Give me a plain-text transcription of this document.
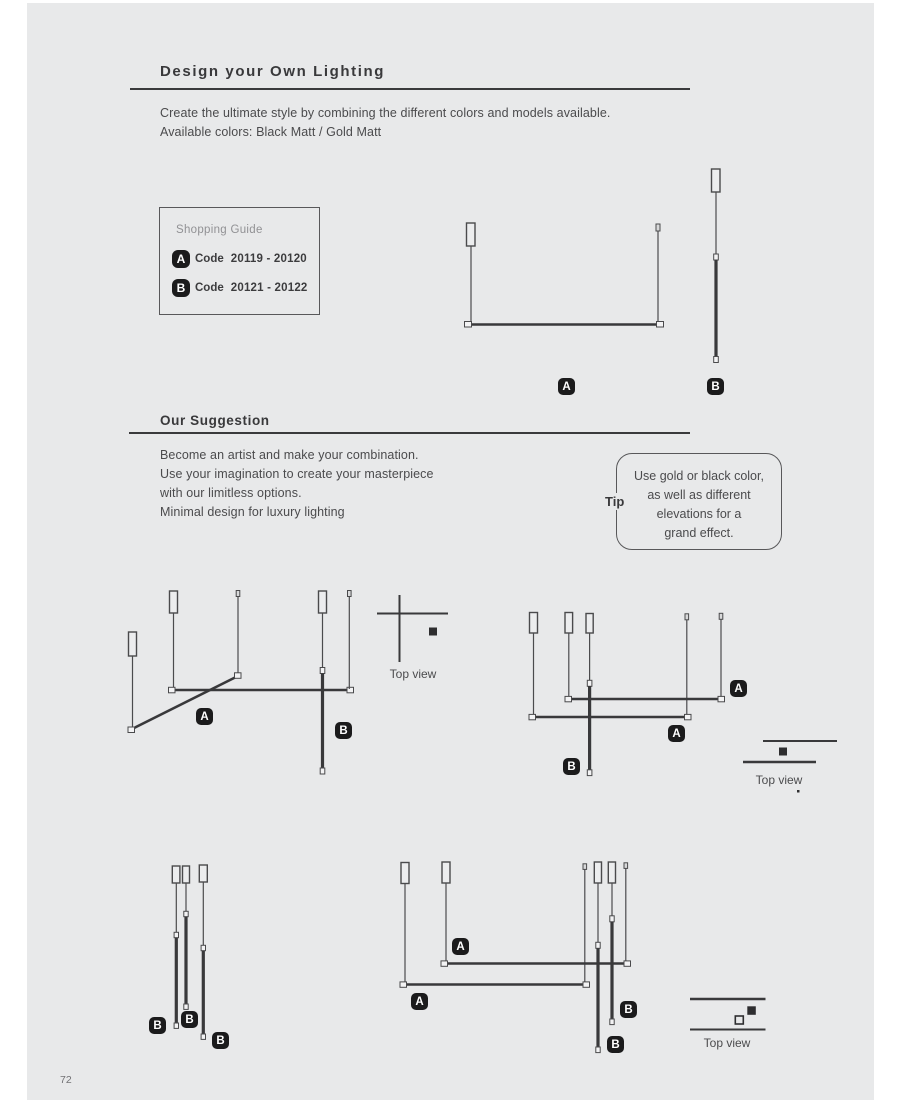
Design your Own Lighting
Create the ultimate style by combining the different colors and models available.
Available colors: Black Matt / Gold Matt
Shopping Guide
A Code 20119 - 20120
B Code 20121 - 20122
A	B
A
B
A
A
B
B	B
B
A
A
B
B
Top view
Top view
Top view
Our Suggestion
Become an artist and make your combination.
Use your imagination to create your masterpiece
with our limitless options.
Minimal design for luxury lighting
Use gold or black color,
as well as different
elevations for a
grand effect.
Tip
72
